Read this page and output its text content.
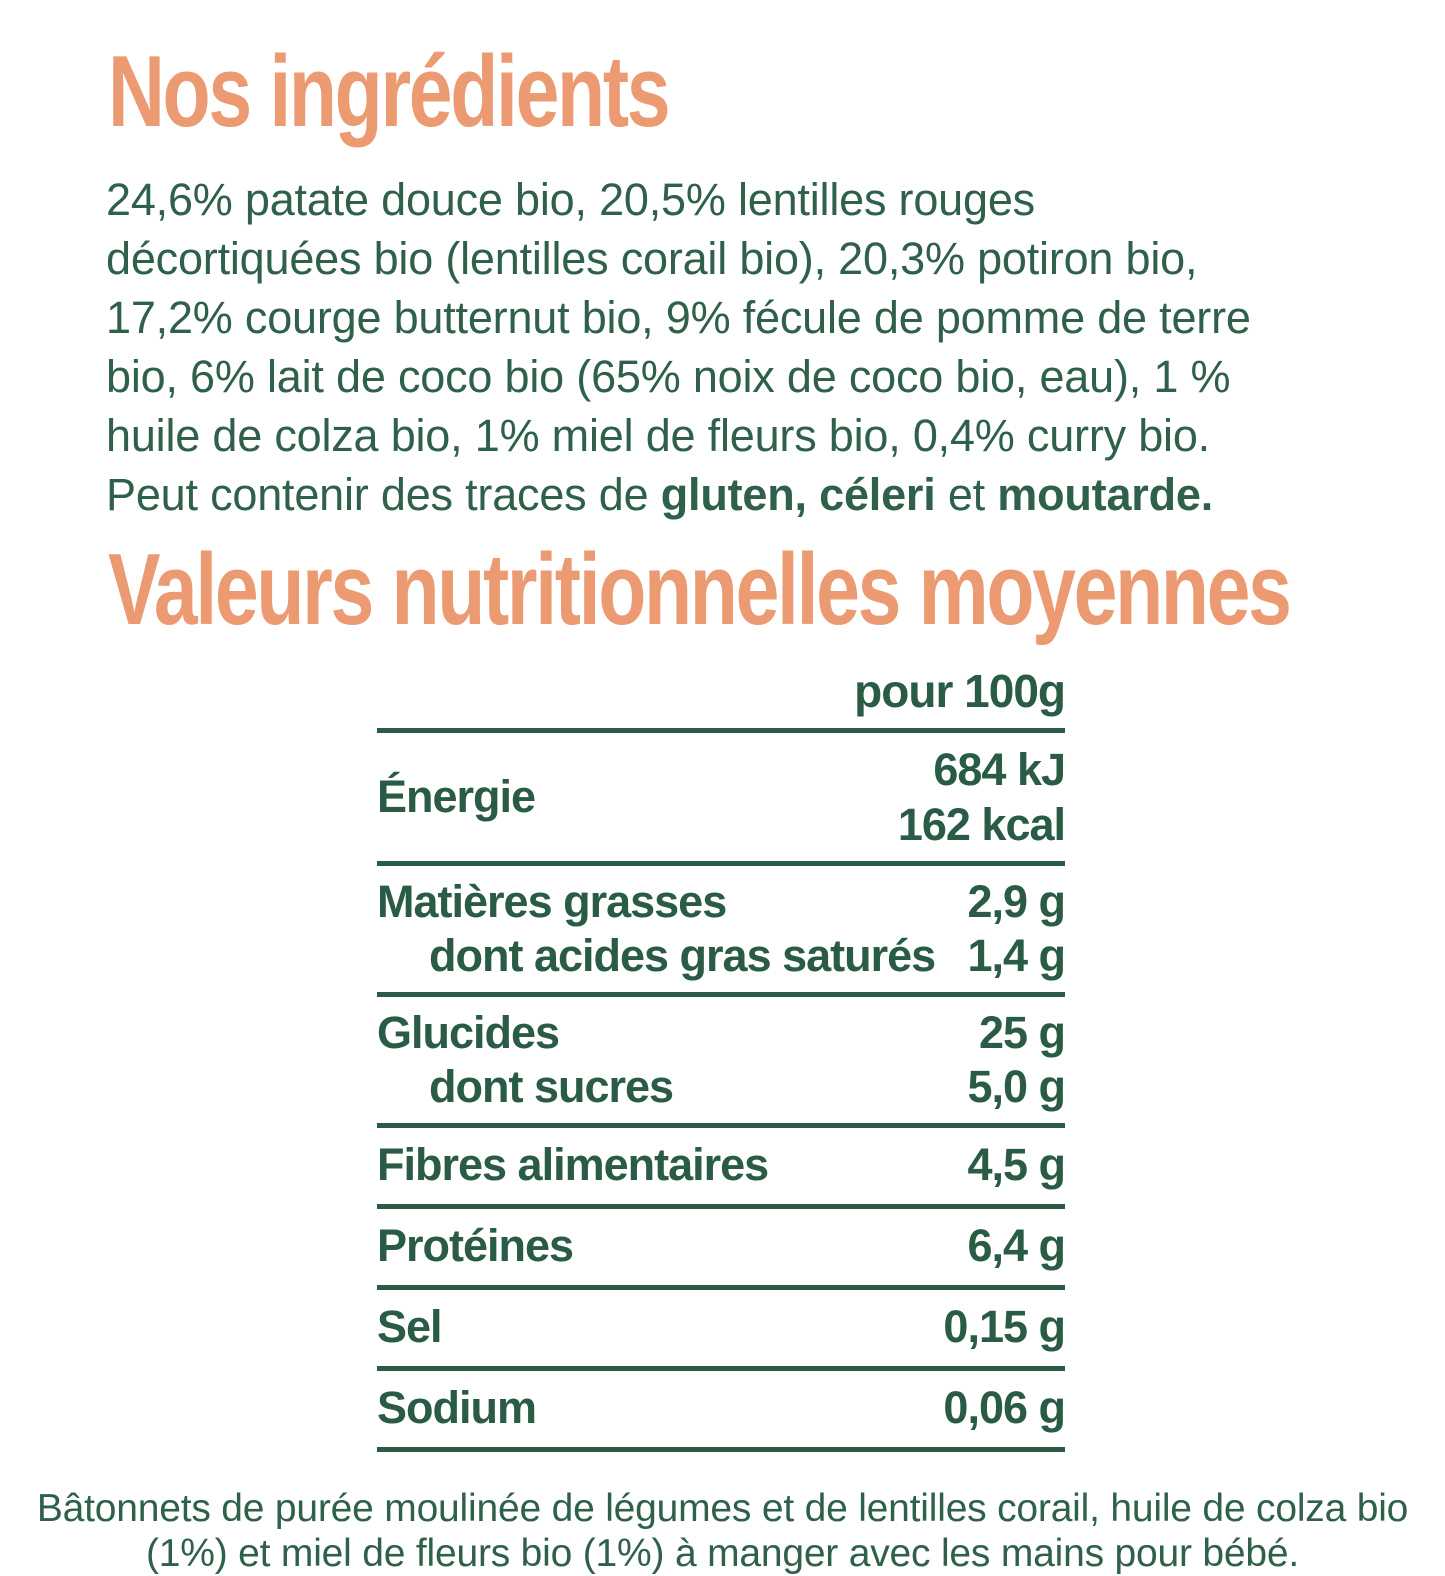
Nos ingrédients
24,6% patate douce bio, 20,5% lentilles rouges
décortiquées bio (lentilles corail bio), 20,3% potiron bio,
17,2% courge butternut bio, 9% fécule de pomme de terre
bio, 6% lait de coco bio (65% noix de coco bio, eau), 1 %
huile de colza bio, 1% miel de fleurs bio, 0,4% curry bio.
Peut contenir des traces de gluten, céleri et moutarde.
Valeurs nutritionnelles moyennes
pour 100g
Énergie
684 kJ
162 kcal
Matières grasses	2,9 g
dont acides gras saturés 1,4 g
Glucides	25 g
dont sucres	5,0 g
Fibres alimentaires	4,5 g
Protéines	6,4 g
Sel	0,15 g
Sodium	0,06 g
Bâtonnets de purée moulinée de légumes et de lentilles corail, huile de colza bio
(1%) et miel de fleurs bio (1%) à manger avec les mains pour bébé.
